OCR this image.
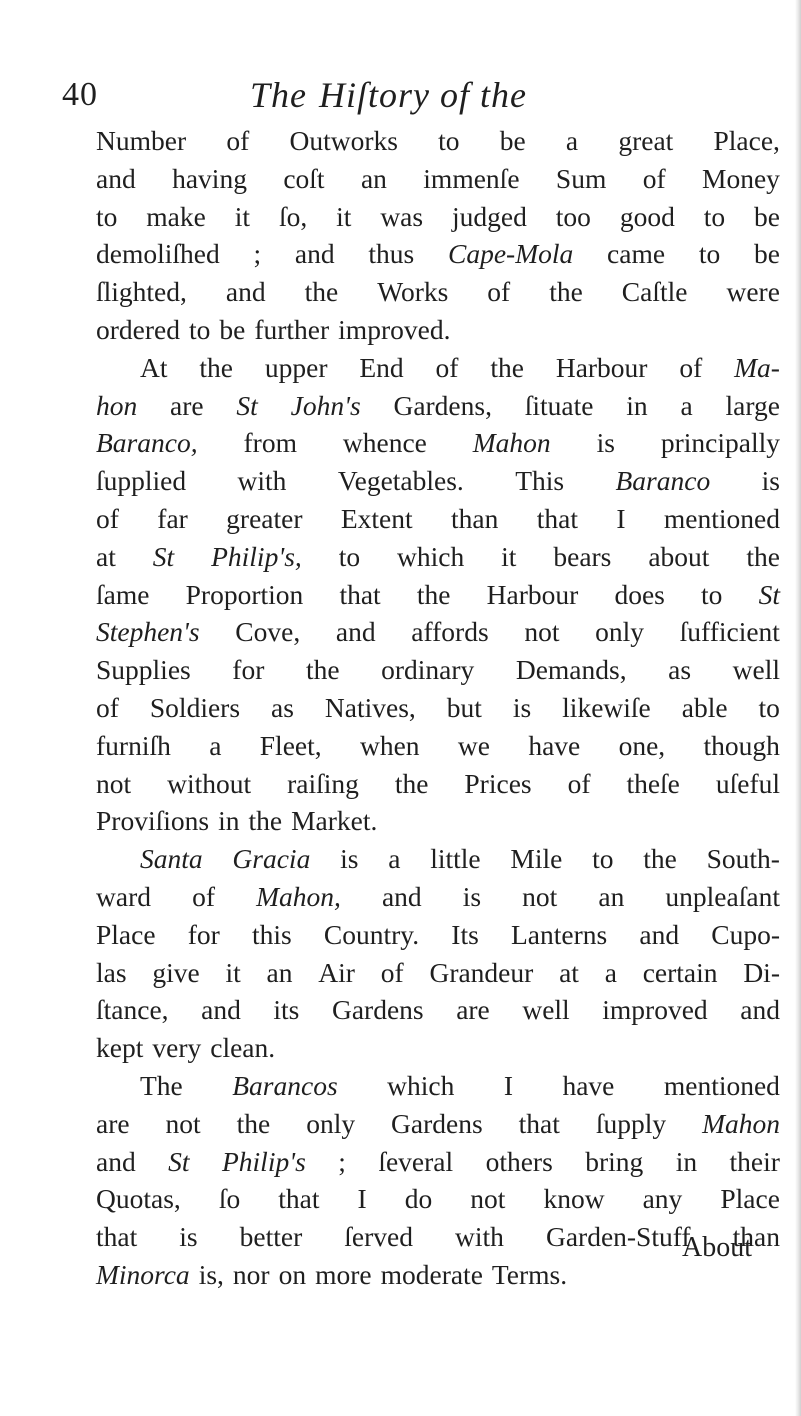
40	The Hiſtory of the
Number of Outworks to be a great Place,
and having coſt an immenſe Sum of Money
to make it ſo, it was judged too good to be
demoliſhed ; and thus Cape-Mola came to be
ſlighted, and the Works of the Caſtle were
ordered to be further improved.
At the upper End of the Harbour of Ma-
hon are St John's Gardens, ſituate in a large
Baranco, from whence Mahon is principally
ſupplied with Vegetables. This Baranco is
of far greater Extent than that I mentioned
at St Philip's, to which it bears about the
ſame Proportion that the Harbour does to St
Stephen's Cove, and affords not only ſufficient
Supplies for the ordinary Demands, as well
of Soldiers as Natives, but is likewiſe able to
furniſh a Fleet, when we have one, though
not without raiſing the Prices of theſe uſeful
Proviſions in the Market.
Santa Gracia is a little Mile to the South-
ward of Mahon, and is not an unpleaſant
Place for this Country. Its Lanterns and Cupo-
las give it an Air of Grandeur at a certain Di-
ſtance, and its Gardens are well improved and
kept very clean.
The Barancos which I have mentioned
are not the only Gardens that ſupply Mahon
and St Philip's ; ſeveral others bring in their
Quotas, ſo that I do not know any Place
that is better ſerved with Garden-Stuff than
Minorca is, nor on more moderate Terms.
About
